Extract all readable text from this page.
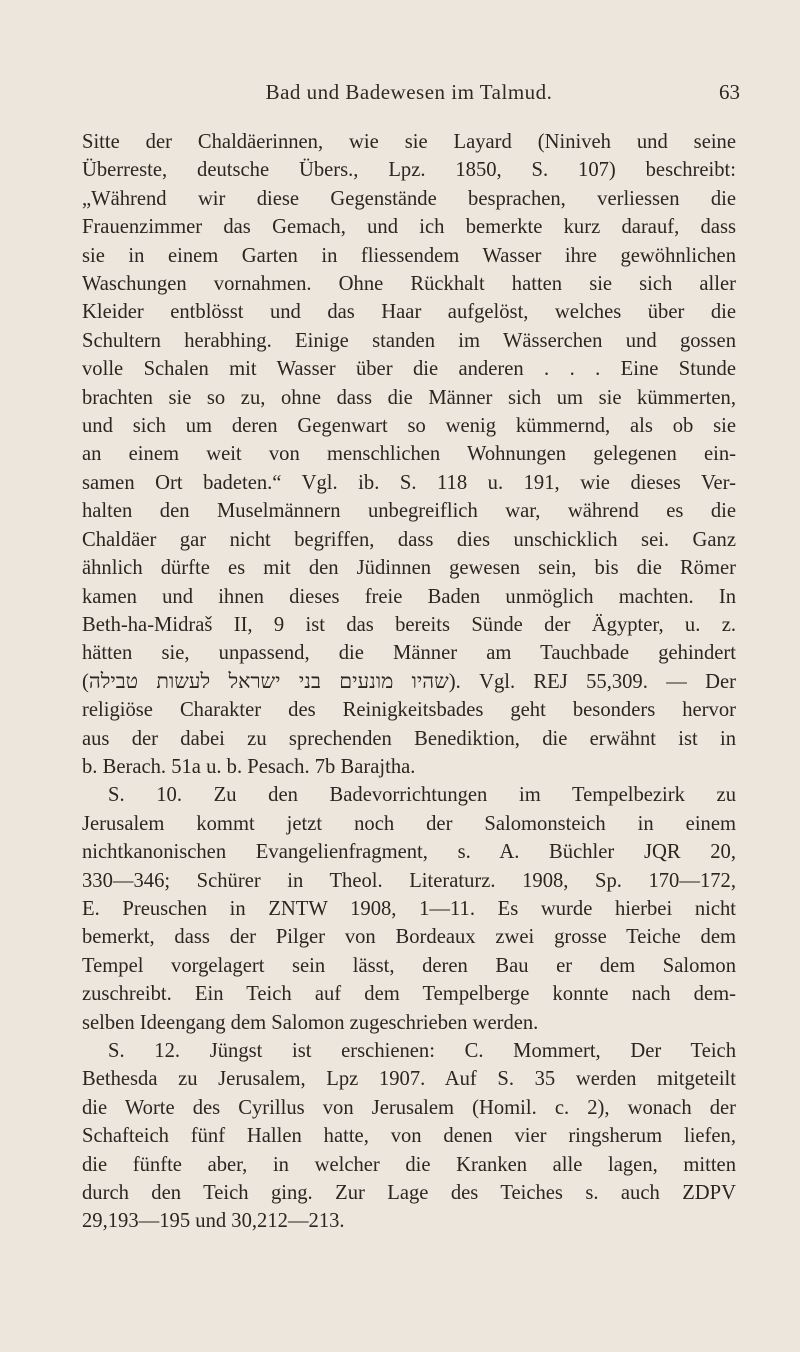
Bad und Badewesen im Talmud.	63
Sitte der Chaldäerinnen, wie sie Layard (Niniveh und seine
Überreste, deutsche Übers., Lpz. 1850, S. 107) beschreibt:
„Während wir diese Gegenstände besprachen, verliessen die
Frauenzimmer das Gemach, und ich bemerkte kurz darauf, dass
sie in einem Garten in fliessendem Wasser ihre gewöhnlichen
Waschungen vornahmen. Ohne Rückhalt hatten sie sich aller
Kleider entblösst und das Haar aufgelöst, welches über die
Schultern herabhing. Einige standen im Wässerchen und gossen
volle Schalen mit Wasser über die anderen . . . Eine Stunde
brachten sie so zu, ohne dass die Männer sich um sie kümmerten,
und sich um deren Gegenwart so wenig kümmernd, als ob sie
an einem weit von menschlichen Wohnungen gelegenen ein-
samen Ort badeten.“ Vgl. ib. S. 118 u. 191, wie dieses Ver-
halten den Muselmännern unbegreiflich war, während es die
Chaldäer gar nicht begriffen, dass dies unschicklich sei. Ganz
ähnlich dürfte es mit den Jüdinnen gewesen sein, bis die Römer
kamen und ihnen dieses freie Baden unmöglich machten. In
Beth-ha-Midraš II, 9 ist das bereits Sünde der Ägypter, u. z.
hätten sie, unpassend, die Männer am Tauchbade gehindert
(שהיו מונעים בני ישראל לעשות טבילה). Vgl. REJ 55,309. — Der
religiöse Charakter des Reinigkeitsbades geht besonders hervor
aus der dabei zu sprechenden Benediktion, die erwähnt ist in
b. Berach. 51a u. b. Pesach. 7b Barajtha.
S. 10. Zu den Badevorrichtungen im Tempelbezirk zu
Jerusalem kommt jetzt noch der Salomonsteich in einem
nichtkanonischen Evangelienfragment, s. A. Büchler JQR 20,
330—346; Schürer in Theol. Literaturz. 1908, Sp. 170—172,
E. Preuschen in ZNTW 1908, 1—11. Es wurde hierbei nicht
bemerkt, dass der Pilger von Bordeaux zwei grosse Teiche dem
Tempel vorgelagert sein lässt, deren Bau er dem Salomon
zuschreibt. Ein Teich auf dem Tempelberge konnte nach dem-
selben Ideengang dem Salomon zugeschrieben werden.
S. 12. Jüngst ist erschienen: C. Mommert, Der Teich
Bethesda zu Jerusalem, Lpz 1907. Auf S. 35 werden mitgeteilt
die Worte des Cyrillus von Jerusalem (Homil. c. 2), wonach der
Schafteich fünf Hallen hatte, von denen vier ringsherum liefen,
die fünfte aber, in welcher die Kranken alle lagen, mitten
durch den Teich ging. Zur Lage des Teiches s. auch ZDPV
29,193—195 und 30,212—213.
